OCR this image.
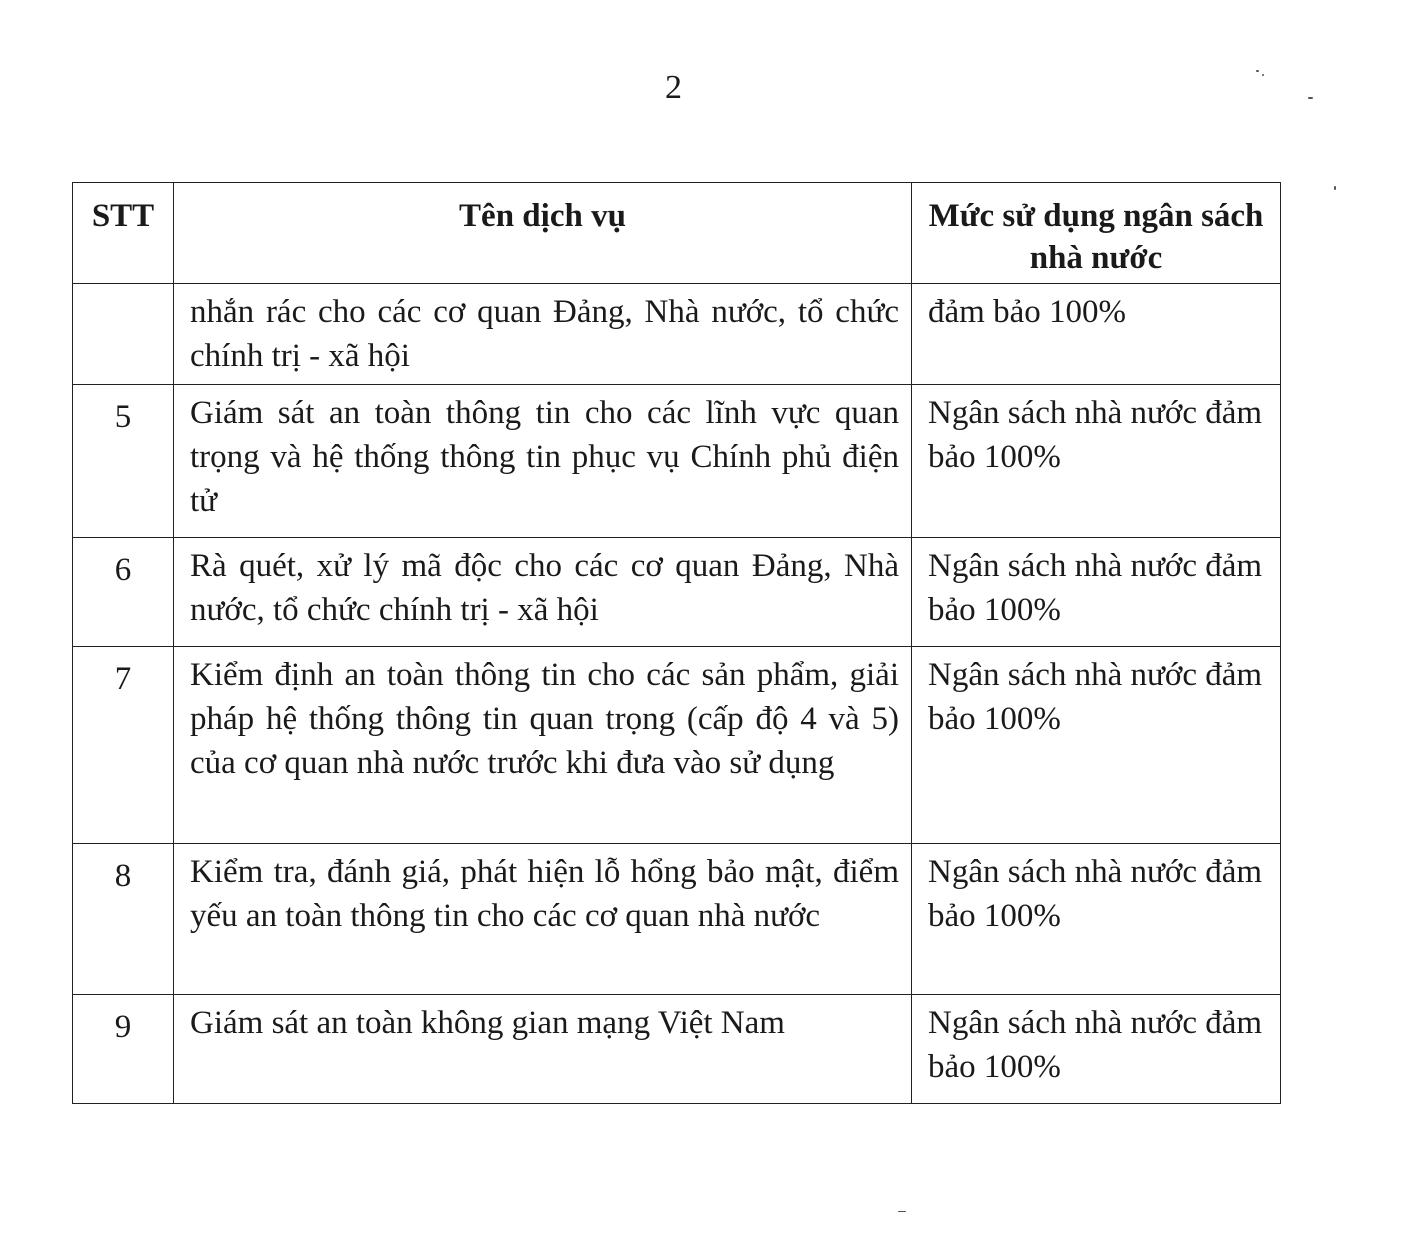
2
STT	Tên dịch vụ	Mức sử dụng ngân sách nhà nước
	nhắn rác cho các cơ quan Đảng, Nhà nước, tổ chức chính trị - xã hội	đảm bảo 100%
5	Giám sát an toàn thông tin cho các lĩnh vực quan trọng và hệ thống thông tin phục vụ Chính phủ điện tử	Ngân sách nhà nước đảm bảo 100%
6	Rà quét, xử lý mã độc cho các cơ quan Đảng, Nhà nước, tổ chức chính trị - xã hội	Ngân sách nhà nước đảm bảo 100%
7	Kiểm định an toàn thông tin cho các sản phẩm, giải pháp hệ thống thông tin quan trọng (cấp độ 4 và 5) của cơ quan nhà nước trước khi đưa vào sử dụng	Ngân sách nhà nước đảm bảo 100%
8	Kiểm tra, đánh giá, phát hiện lỗ hổng bảo mật, điểm yếu an toàn thông tin cho các cơ quan nhà nước	Ngân sách nhà nước đảm bảo 100%
9	Giám sát an toàn không gian mạng Việt Nam	Ngân sách nhà nước đảm bảo 100%
